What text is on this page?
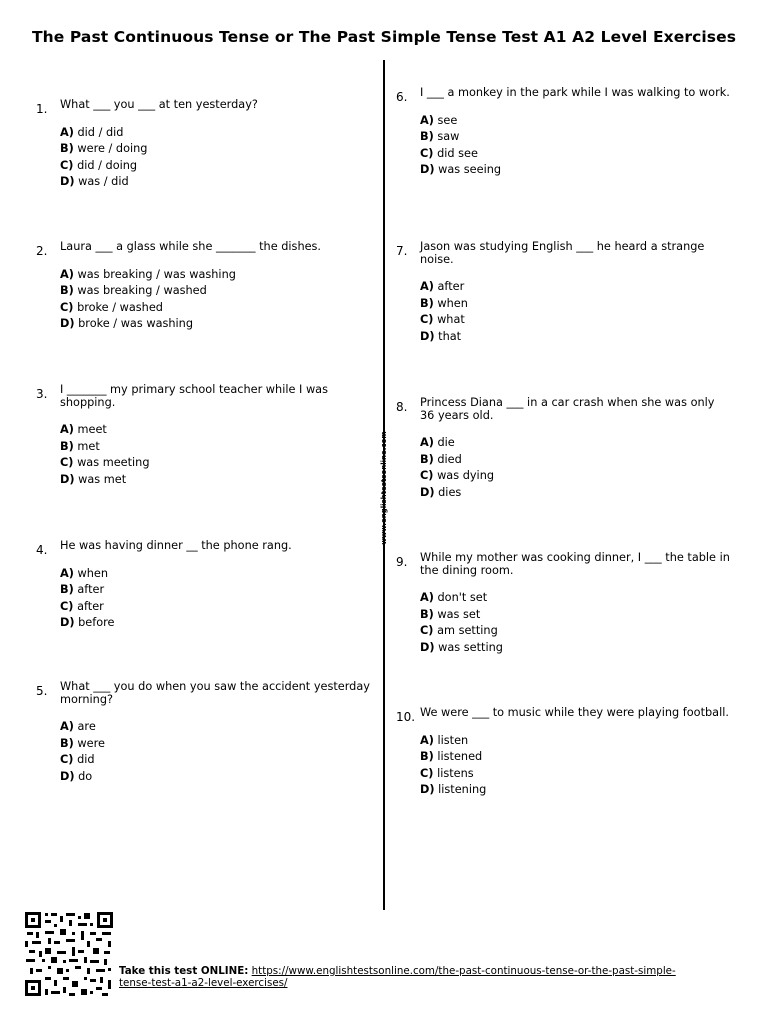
The Past Continuous Tense or The Past Simple Tense Test A1 A2 Level Exercises
www.englishtestsonline.com
1. What ___ you ___ at ten yesterday?
A) did / did
B) were / doing
C) did / doing
D) was / did
2. Laura ___ a glass while she _______ the dishes.
A) was breaking / was washing
B) was breaking / washed
C) broke / washed
D) broke / was washing
3. I _______ my primary school teacher while I was shopping.
A) meet
B) met
C) was meeting
D) was met
4. He was having dinner __ the phone rang.
A) when
B) after
C) after
D) before
5. What ___ you do when you saw the accident yesterday morning?
A) are
B) were
C) did
D) do
6. I ___ a monkey in the park while I was walking to work.
A) see
B) saw
C) did see
D) was seeing
7. Jason was studying English ___ he heard a strange noise.
A) after
B) when
C) what
D) that
8. Princess Diana ___ in a car crash when she was only 36 years old.
A) die
B) died
C) was dying
D) dies
9. While my mother was cooking dinner, I ___ the table in the dining room.
A) don't set
B) was set
C) am setting
D) was setting
10. We were ___ to music while they were playing football.
A) listen
B) listened
C) listens
D) listening
Take this test ONLINE: https://www.englishtestsonline.com/the-past-continuous-tense-or-the-past-simple-tense-test-a1-a2-level-exercises/
